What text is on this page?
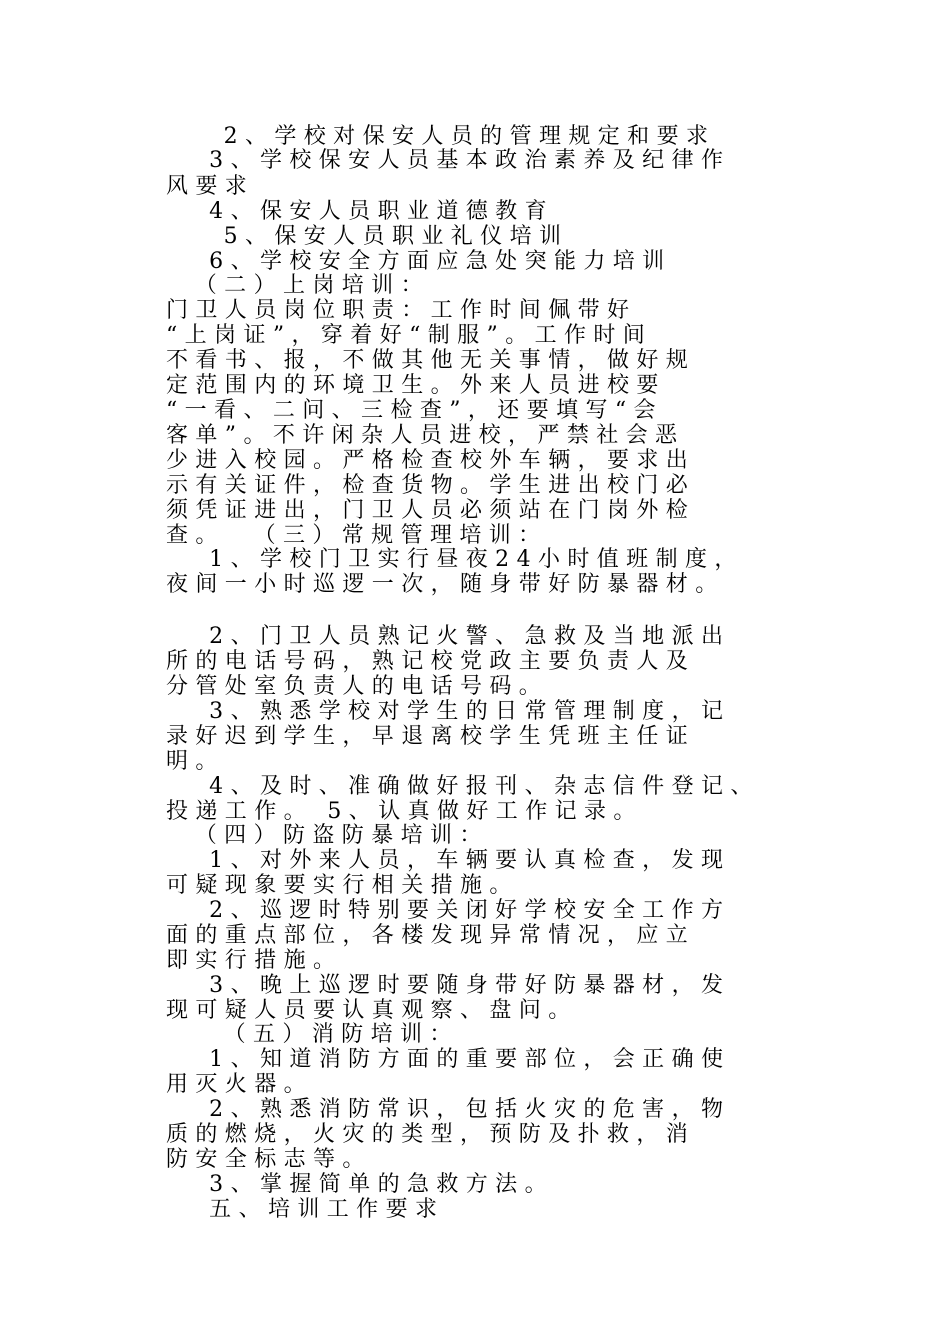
2、学校对保安人员的管理规定和要求
3、学校保安人员基本政治素养及纪律作
风要求
4、保安人员职业道德教育
5、保安人员职业礼仪培训
6、学校安全方面应急处突能力培训
（二）上岗培训：
门卫人员岗位职责：工作时间佩带好
“上岗证”，穿着好“制服”。工作时间
不看书、报，不做其他无关事情，做好规
定范围内的环境卫生。外来人员进校要
“一看、二问、三检查”，还要填写“会
客单”。不许闲杂人员进校，严禁社会恶
少进入校园。严格检查校外车辆，要求出
示有关证件，检查货物。学生进出校门必
须凭证进出，门卫人员必须站在门岗外检
查。  （三）常规管理培训：
1、学校门卫实行昼夜24小时值班制度，
夜间一小时巡逻一次，随身带好防暴器材。
2、门卫人员熟记火警、急救及当地派出
所的电话号码，熟记校党政主要负责人及
分管处室负责人的电话号码。
3、熟悉学校对学生的日常管理制度，记
录好迟到学生，早退离校学生凭班主任证
明。
4、及时、准确做好报刊、杂志信件登记、
投递工作。 5、认真做好工作记录。
（四）防盗防暴培训：
1、对外来人员，车辆要认真检查，发现
可疑现象要实行相关措施。
2、巡逻时特别要关闭好学校安全工作方
面的重点部位，各楼发现异常情况，应立
即实行措施。
3、晚上巡逻时要随身带好防暴器材，发
现可疑人员要认真观察、盘问。
（五）消防培训：
1、知道消防方面的重要部位，会正确使
用灭火器。
2、熟悉消防常识，包括火灾的危害，物
质的燃烧，火灾的类型，预防及扑救，消
防安全标志等。
3、掌握简单的急救方法。
五、培训工作要求
